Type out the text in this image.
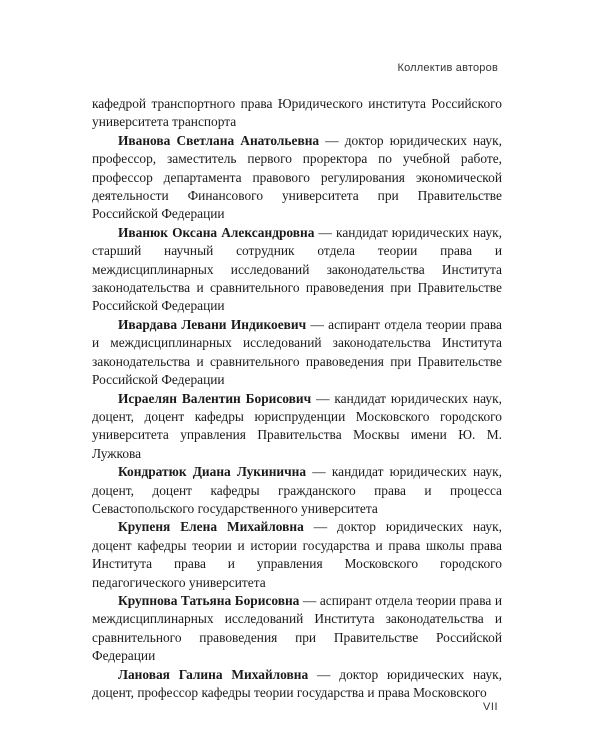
Коллектив авторов

кафедрой транспортного права Юридического института Российского университета транспорта

Иванова Светлана Анатольевна — доктор юридических наук, профессор, заместитель первого проректора по учебной работе, профессор департамента правового регулирования экономической деятельности Финансового университета при Правительстве Российской Федерации

Иванюк Оксана Александровна — кандидат юридических наук, старший научный сотрудник отдела теории права и междисциплинарных исследований законодательства Института законодательства и сравнительного правоведения при Правительстве Российской Федерации

Ивардава Левани Индикоевич — аспирант отдела теории права и междисциплинарных исследований законодательства Института законодательства и сравнительного правоведения при Правительстве Российской Федерации

Исраелян Валентин Борисович — кандидат юридических наук, доцент, доцент кафедры юриспруденции Московского городского университета управления Правительства Москвы имени Ю. М. Лужкова

Кондратюк Диана Лукинична — кандидат юридических наук, доцент, доцент кафедры гражданского права и процесса Севастопольского государственного университета

Крупеня Елена Михайловна — доктор юридических наук, доцент кафедры теории и истории государства и права школы права Института права и управления Московского городского педагогического университета

Крупнова Татьяна Борисовна — аспирант отдела теории права и междисциплинарных исследований Института законодательства и сравнительного правоведения при Правительстве Российской Федерации

Лановая Галина Михайловна — доктор юридических наук, доцент, профессор кафедры теории государства и права Московского

VII
